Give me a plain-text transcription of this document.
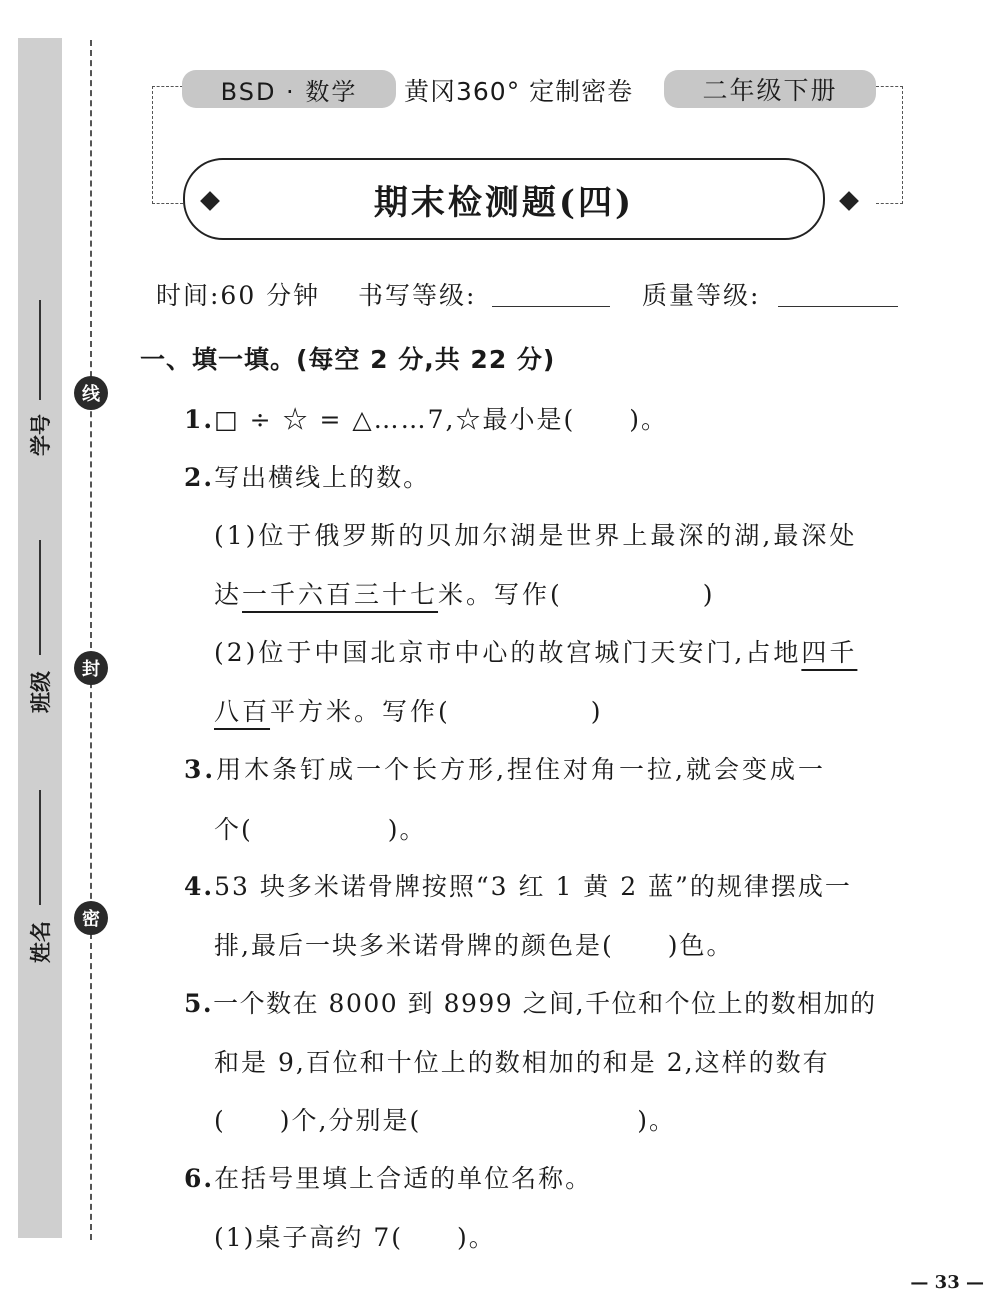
学号
班级
姓名
线
封
密
BSD · 数学	黄冈360° 定制密卷	二年级下册
期末检测题(四)
时间:60 分钟 书写等级:	质量等级:
一、填一填。(每空 2 分,共 22 分)
1.□ ÷ ☆ = △……7,☆最小是(　　)。
2.写出横线上的数。
(1)位于俄罗斯的贝加尔湖是世界上最深的湖,最深处
达一千六百三十七米。写作(　　　　　)
(2)位于中国北京市中心的故宫城门天安门,占地四千
八百平方米。写作(　　　　　)
3.用木条钉成一个长方形,捏住对角一拉,就会变成一
个(　　　　　)。
4.53 块多米诺骨牌按照“3 红 1 黄 2 蓝”的规律摆成一
排,最后一块多米诺骨牌的颜色是(　　)色。
5.一个数在 8000 到 8999 之间,千位和个位上的数相加的
和是 9,百位和十位上的数相加的和是 2,这样的数有
(　　)个,分别是(　　　　　　　　)。
6.在括号里填上合适的单位名称。
(1)桌子高约 7(　　)。
— 33 —
